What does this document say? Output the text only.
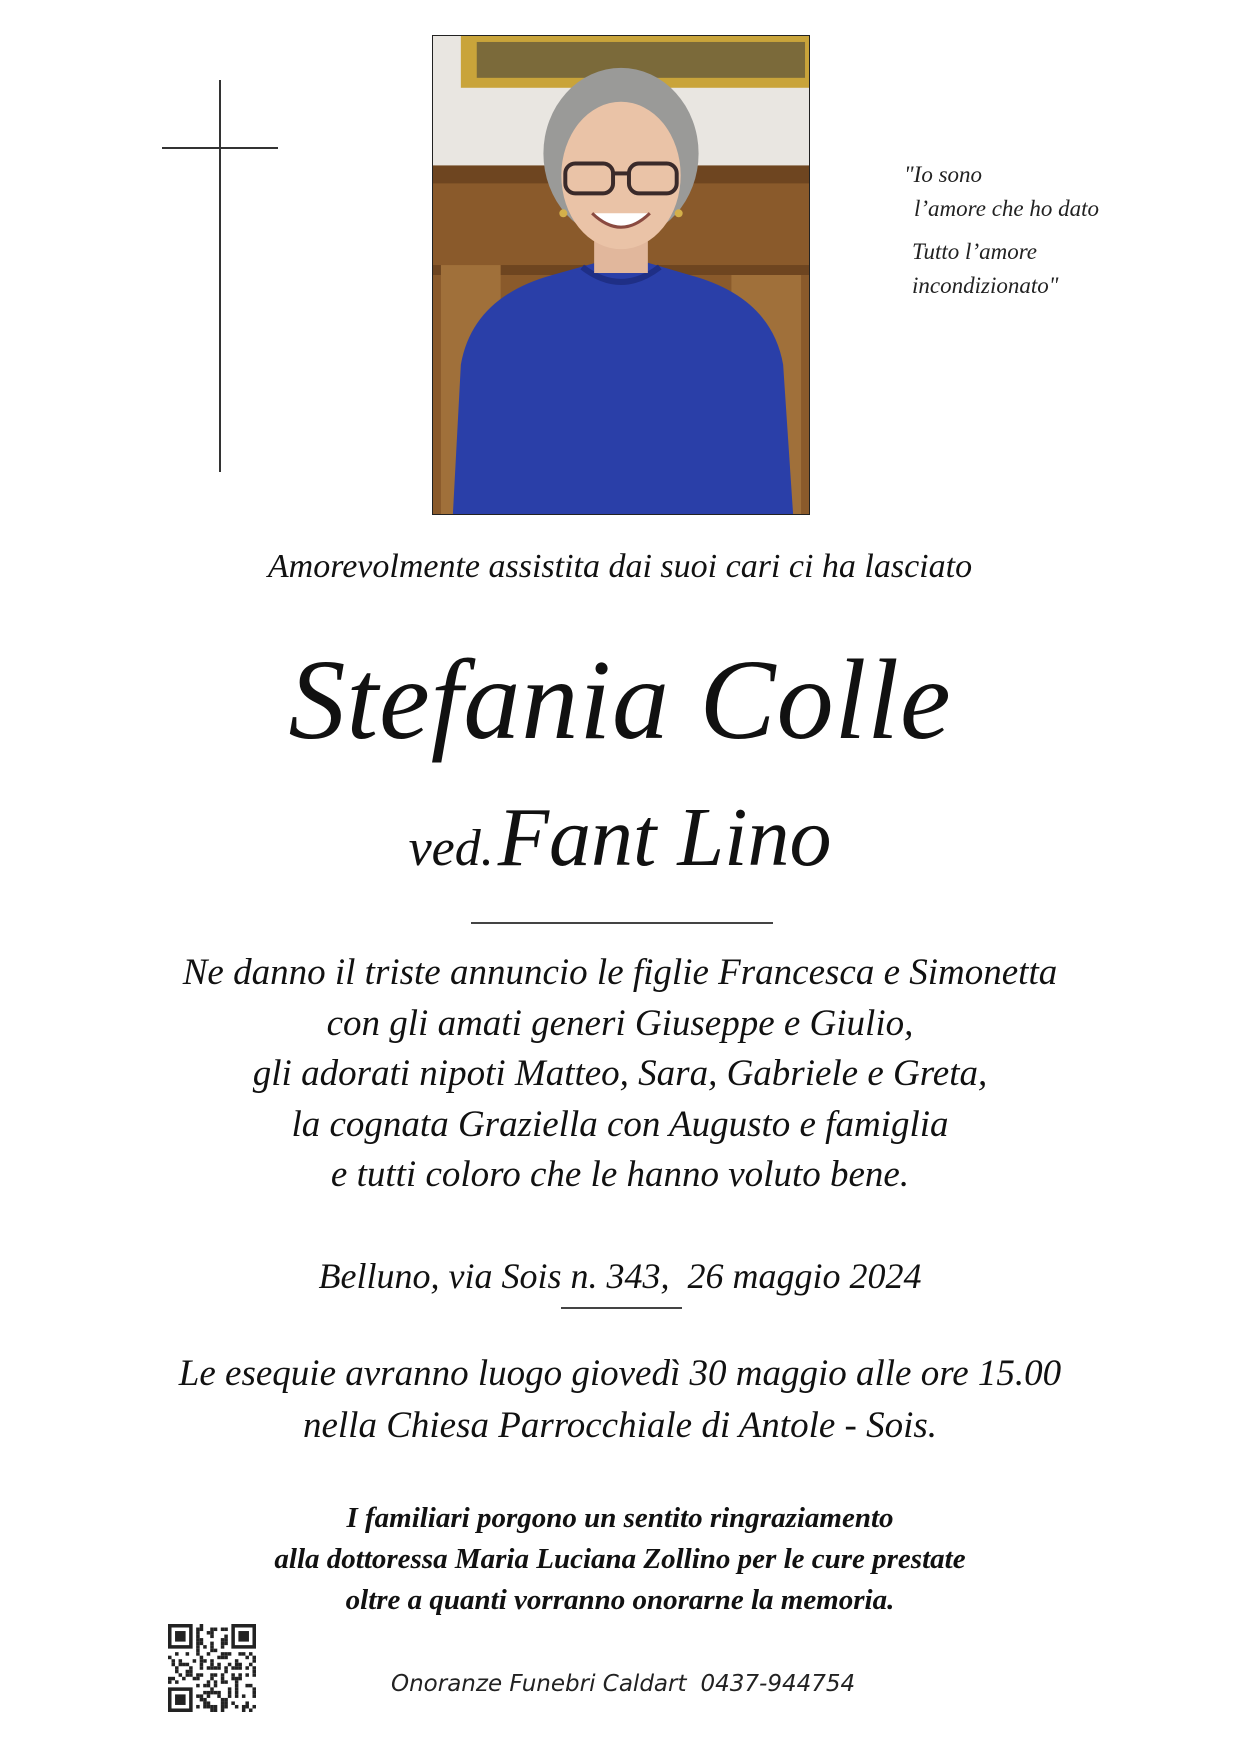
"Io sono
l’amore che ho dato
Tutto l’amore
incondizionato"
Amorevolmente assistita dai suoi cari ci ha lasciato
Stefania Colle
ved. Fant Lino
Ne danno il triste annuncio le figlie Francesca e Simonetta
con gli amati generi Giuseppe e Giulio,
gli adorati nipoti Matteo, Sara, Gabriele e Greta,
la cognata Graziella con Augusto e famiglia
e tutti coloro che le hanno voluto bene.
Belluno, via Sois n. 343,  26 maggio 2024
Le esequie avranno luogo giovedì 30 maggio alle ore 15.00
nella Chiesa Parrocchiale di Antole - Sois.
I familiari porgono un sentito ringraziamento
alla dottoressa Maria Luciana Zollino per le cure prestate
oltre a quanti vorranno onorarne la memoria.
Onoranze Funebri Caldart 0437-944754
